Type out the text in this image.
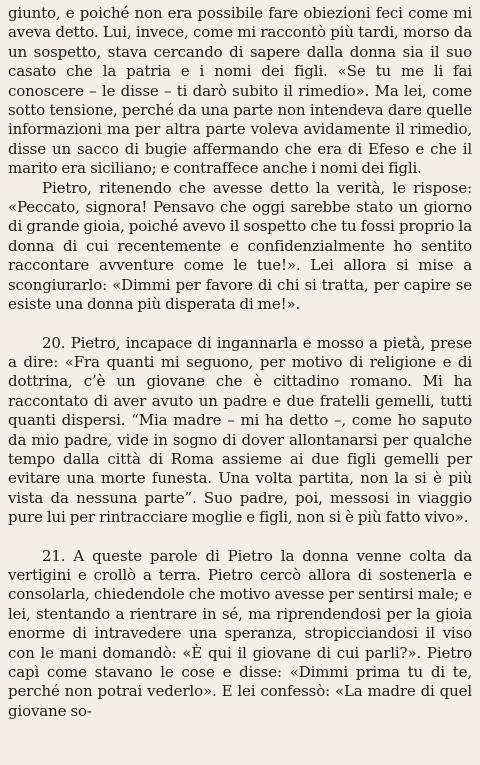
giunto, e poiché non era possibile fare obiezioni feci come mi aveva detto. Lui, invece, come mi raccontò più tardi, morso da un sospetto, stava cercando di sapere dalla donna sia il suo casato che la patria e i nomi dei figli. «Se tu me li fai conoscere – le disse – ti darò subito il rimedio». Ma lei, come sotto tensione, perché da una parte non intendeva dare quelle informazioni ma per altra parte voleva avidamente il rimedio, disse un sacco di bugie affermando che era di Efeso e che il marito era siciliano; e contraffece anche i nomi dei figli.

Pietro, ritenendo che avesse detto la verità, le rispose: «Peccato, signora! Pensavo che oggi sarebbe stato un giorno di grande gioia, poiché avevo il sospetto che tu fossi proprio la donna di cui recentemente e confidenzialmente ho sentito raccontare avventure come le tue!». Lei allora si mise a scongiurarlo: «Dimmi per favore di chi si tratta, per capire se esiste una donna più disperata di me!».

20. Pietro, incapace di ingannarla e mosso a pietà, prese a dire: «Fra quanti mi seguono, per motivo di religione e di dottrina, c’è un giovane che è cittadino romano. Mi ha raccontato di aver avuto un padre e due fratelli gemelli, tutti quanti dispersi. “Mia madre – mi ha detto –, come ho saputo da mio padre, vide in sogno di dover allontanarsi per qualche tempo dalla città di Roma assieme ai due figli gemelli per evitare una morte funesta. Una volta partita, non la si è più vista da nessuna parte”. Suo padre, poi, messosi in viaggio pure lui per rintracciare moglie e figli, non si è più fatto vivo».

21. A queste parole di Pietro la donna venne colta da vertigini e crollò a terra. Pietro cercò allora di sostenerla e consolarla, chiedendole che motivo avesse per sentirsi male; e lei, stentando a rientrare in sé, ma riprendendosi per la gioia enorme di intravedere una speranza, stropicciandosi il viso con le mani domandò: «È qui il giovane di cui parli?». Pietro capì come stavano le cose e disse: «Dimmi prima tu di te, perché non potrai vederlo». E lei confessò: «La madre di quel giovane so-
